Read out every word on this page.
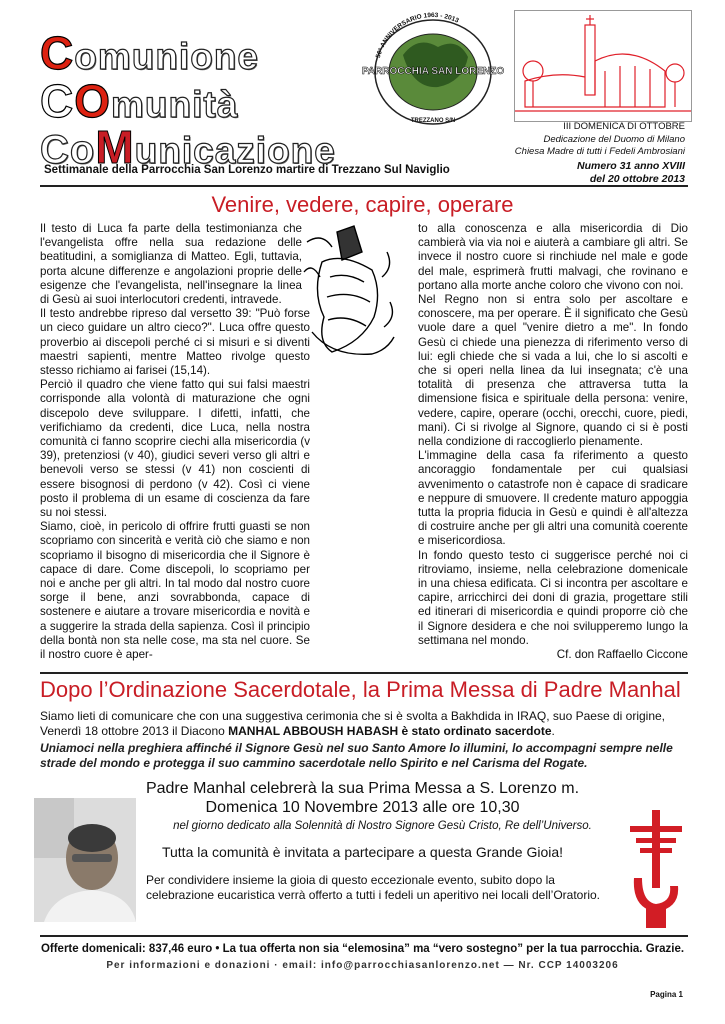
Comunione
COmunità
CoMunicazione
50° ANNIVERSARIO 1963 - 2013
PARROCCHIA SAN LORENZO
TREZZANO S/N	III DOMENICA DI OTTOBRE
Dedicazione del Duomo di Milano
Chiesa Madre di tutti i Fedeli Ambrosiani
Numero 31 anno XVIII
del 20 ottobre 2013
Settimanale della Parrocchia San Lorenzo martire di Trezzano Sul Naviglio
Venire, vedere, capire, operare

Il testo di Luca fa parte della testimonianza che l'evangelista offre nella sua redazione delle beatitudini, a somiglianza di Matteo. Egli, tuttavia, porta alcune differenze e angolazioni proprie delle esigenze che l'evangelista, nell'insegnare la linea di Gesù ai suoi interlocutori credenti, intravede.

Il testo andrebbe ripreso dal versetto 39: "Può forse un cieco guidare un altro cieco?". Luca offre questo proverbio ai discepoli perché ci si misuri e si diventi maestri sapienti, mentre Matteo rivolge questo stesso richiamo ai farisei (15,14).

Perciò il quadro che viene fatto qui sui falsi maestri corrisponde alla volontà di maturazione che ogni discepolo deve sviluppare. I difetti, infatti, che verifichiamo da credenti, dice Luca, nella nostra comunità ci fanno scoprire ciechi alla misericordia (v 39), pretenziosi (v 40), giudici severi verso gli altri e benevoli verso se stessi (v 41) non coscienti di essere bisognosi di perdono (v 42). Così ci viene posto il problema di un esame di coscienza da fare su noi stessi.

Siamo, cioè, in pericolo di offrire frutti guasti se non scopriamo con sincerità e verità ciò che siamo e non scopriamo il bisogno di misericordia che il Signore è capace di dare. Come discepoli, lo scopriamo per noi e anche per gli altri. In tal modo dal nostro cuore sorge il bene, anzi sovrabbonda, capace di sostenere e aiutare a trovare misericordia e novità e a suggerire la strada della sapienza. Così il principio della bontà non sta nelle cose, ma sta nel cuore. Se il nostro cuore è aper-

to alla conoscenza e alla misericordia di Dio cambierà via via noi e aiuterà a cambiare gli altri. Se invece il nostro cuore si rinchiude nel male e gode del male, esprimerà frutti malvagi, che rovinano e portano alla morte anche coloro che vivono con noi.

Nel Regno non si entra solo per ascoltare e conoscere, ma per operare. È il significato che Gesù vuole dare a quel "venire dietro a me". In fondo Gesù ci chiede una pienezza di riferimento verso di lui: egli chiede che si vada a lui, che lo si ascolti e che si operi nella linea da lui insegnata; c'è una totalità di presenza che attraversa tutta la dimensione fisica e spirituale della persona: venire, vedere, capire, operare (occhi, orecchi, cuore, piedi, mani). Ci si rivolge al Signore, quando ci si è posti nella condizione di raccoglierlo pienamente.

L'immagine della casa fa riferimento a questo ancoraggio fondamentale per cui qualsiasi avvenimento o catastrofe non è capace di sradicare e neppure di smuovere. Il credente maturo appoggia tutta la propria fiducia in Gesù e quindi è all'altezza di costruire anche per gli altri una comunità coerente e misericordiosa.

In fondo questo testo ci suggerisce perché noi ci ritroviamo, insieme, nella celebrazione domenicale in una chiesa edificata. Ci si incontra per ascoltare e capire, arricchirci dei doni di grazia, progettare stili ed itinerari di misericordia e quindi proporre ciò che il Signore desidera e che noi svilupperemo lungo la settimana nel mondo.

Cf. don Raffaello Ciccone

Dopo l’Ordinazione Sacerdotale, la Prima Messa di Padre Manhal
Siamo lieti di comunicare che con una suggestiva cerimonia che si è svolta a Bakhdida in IRAQ, suo Paese di origine, Venerdì 18 ottobre 2013 il Diacono MANHAL ABBOUSH HABASH è stato ordinato sacerdote.
Uniamoci nella preghiera affinché il Signore Gesù nel suo Santo Amore lo illumini, lo accompagni sempre nelle strade del mondo e protegga il suo cammino sacerdotale nello Spirito e nel Carisma del Rogate.
Padre Manhal celebrerà la sua Prima Messa a S. Lorenzo m.
Domenica 10 Novembre 2013 alle ore 10,30
nel giorno dedicato alla Solennità di Nostro Signore Gesù Cristo, Re dell’Universo.
Tutta la comunità è invitata a partecipare a questa Grande Gioia!
Per condividere insieme la gioia di questo eccezionale evento, subito dopo la celebrazione eucaristica verrà offerto a tutti i fedeli un aperitivo nei locali dell’Oratorio.
Offerte domenicali: 837,46 euro • La tua offerta non sia “elemosina” ma “vero sostegno” per la tua parrocchia. Grazie.
Per informazioni e donazioni · email: info@parrocchiasanlorenzo.net — Nr. CCP 14003206
Pagina 1
